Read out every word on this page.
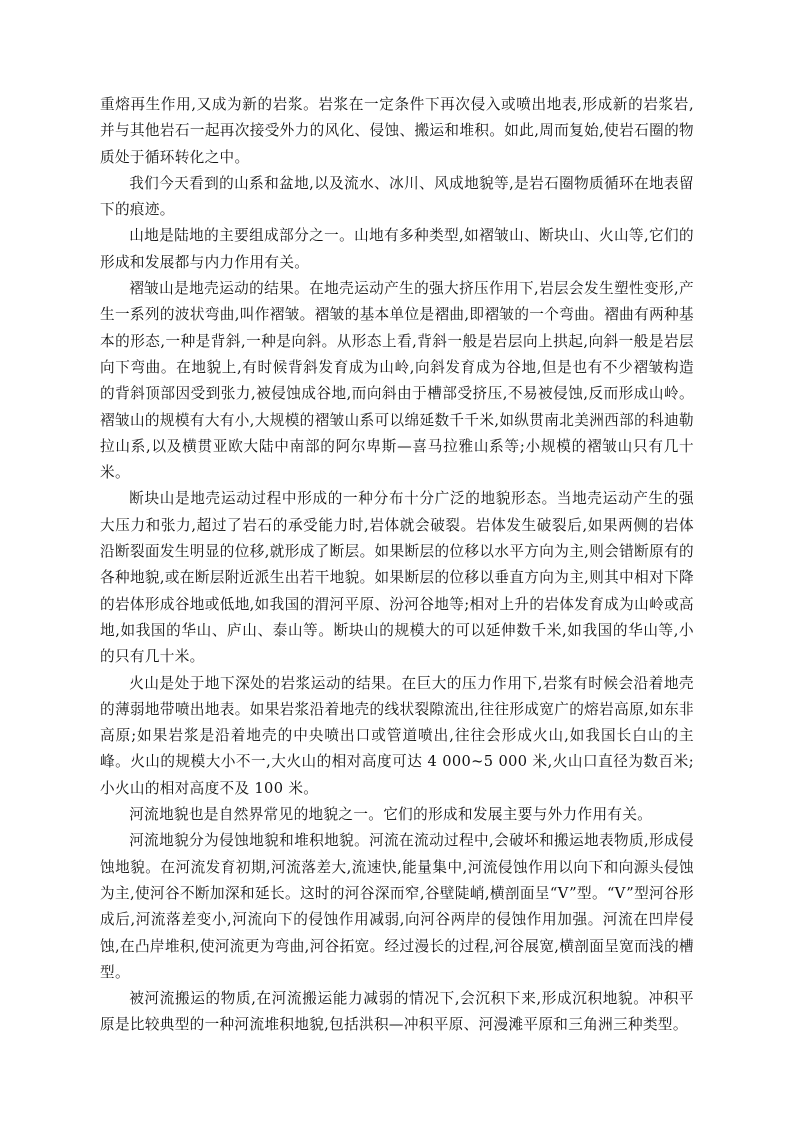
重熔再生作用,又成为新的岩浆。岩浆在一定条件下再次侵入或喷出地表,形成新的岩浆岩,并与其他岩石一起再次接受外力的风化、侵蚀、搬运和堆积。如此,周而复始,使岩石圈的物质处于循环转化之中。

我们今天看到的山系和盆地,以及流水、冰川、风成地貌等,是岩石圈物质循环在地表留下的痕迹。

山地是陆地的主要组成部分之一。山地有多种类型,如褶皱山、断块山、火山等,它们的形成和发展都与内力作用有关。

褶皱山是地壳运动的结果。在地壳运动产生的强大挤压作用下,岩层会发生塑性变形,产生一系列的波状弯曲,叫作褶皱。褶皱的基本单位是褶曲,即褶皱的一个弯曲。褶曲有两种基本的形态,一种是背斜,一种是向斜。从形态上看,背斜一般是岩层向上拱起,向斜一般是岩层向下弯曲。在地貌上,有时候背斜发育成为山岭,向斜发育成为谷地,但是也有不少褶皱构造的背斜顶部因受到张力,被侵蚀成谷地,而向斜由于槽部受挤压,不易被侵蚀,反而形成山岭。褶皱山的规模有大有小,大规模的褶皱山系可以绵延数千千米,如纵贯南北美洲西部的科迪勒拉山系,以及横贯亚欧大陆中南部的阿尔卑斯—喜马拉雅山系等;小规模的褶皱山只有几十米。

断块山是地壳运动过程中形成的一种分布十分广泛的地貌形态。当地壳运动产生的强大压力和张力,超过了岩石的承受能力时,岩体就会破裂。岩体发生破裂后,如果两侧的岩体沿断裂面发生明显的位移,就形成了断层。如果断层的位移以水平方向为主,则会错断原有的各种地貌,或在断层附近派生出若干地貌。如果断层的位移以垂直方向为主,则其中相对下降的岩体形成谷地或低地,如我国的渭河平原、汾河谷地等;相对上升的岩体发育成为山岭或高地,如我国的华山、庐山、泰山等。断块山的规模大的可以延伸数千米,如我国的华山等,小的只有几十米。

火山是处于地下深处的岩浆运动的结果。在巨大的压力作用下,岩浆有时候会沿着地壳的薄弱地带喷出地表。如果岩浆沿着地壳的线状裂隙流出,往往形成宽广的熔岩高原,如东非高原;如果岩浆是沿着地壳的中央喷出口或管道喷出,往往会形成火山,如我国长白山的主峰。火山的规模大小不一,大火山的相对高度可达 4 000~5 000 米,火山口直径为数百米;小火山的相对高度不及 100 米。

河流地貌也是自然界常见的地貌之一。它们的形成和发展主要与外力作用有关。

河流地貌分为侵蚀地貌和堆积地貌。河流在流动过程中,会破坏和搬运地表物质,形成侵蚀地貌。在河流发育初期,河流落差大,流速快,能量集中,河流侵蚀作用以向下和向源头侵蚀为主,使河谷不断加深和延长。这时的河谷深而窄,谷壁陡峭,横剖面呈“V”型。“V”型河谷形成后,河流落差变小,河流向下的侵蚀作用减弱,向河谷两岸的侵蚀作用加强。河流在凹岸侵蚀,在凸岸堆积,使河流更为弯曲,河谷拓宽。经过漫长的过程,河谷展宽,横剖面呈宽而浅的槽型。

被河流搬运的物质,在河流搬运能力减弱的情况下,会沉积下来,形成沉积地貌。冲积平原是比较典型的一种河流堆积地貌,包括洪积—冲积平原、河漫滩平原和三角洲三种类型。
